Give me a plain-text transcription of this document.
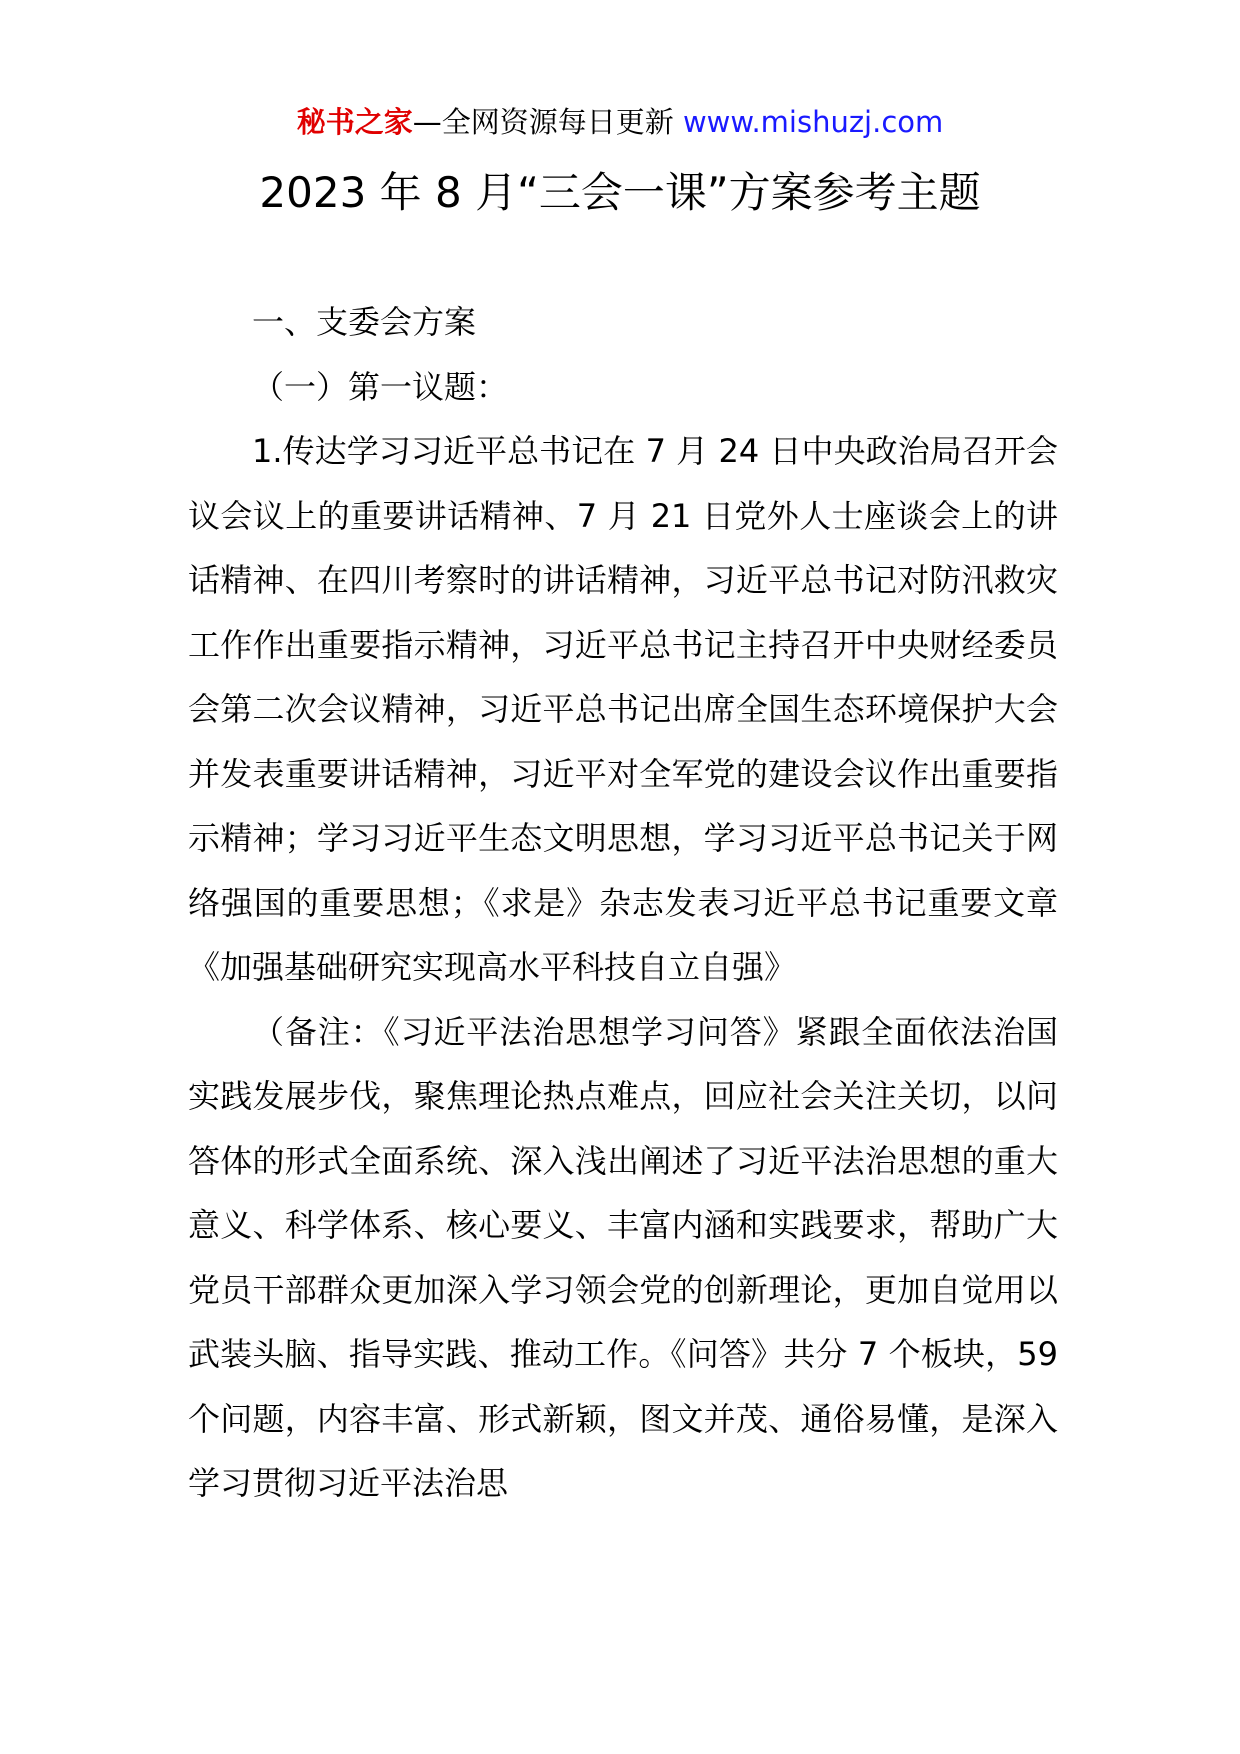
秘书之家—全网资源每日更新 www.mishuzj.com
2023 年 8 月“三会一课”方案参考主题

一、支委会方案

（一）第一议题：

1.传达学习习近平总书记在 7 月 24 日中央政治局召开会议会议上的重要讲话精神、7 月 21 日党外人士座谈会上的讲话精神、在四川考察时的讲话精神，习近平总书记对防汛救灾工作作出重要指示精神，习近平总书记主持召开中央财经委员会第二次会议精神，习近平总书记出席全国生态环境保护大会并发表重要讲话精神，习近平对全军党的建设会议作出重要指示精神；学习习近平生态文明思想，学习习近平总书记关于网络强国的重要思想；《求是》杂志发表习近平总书记重要文章《加强基础研究实现高水平科技自立自强》

（备注：《习近平法治思想学习问答》紧跟全面依法治国实践发展步伐，聚焦理论热点难点，回应社会关注关切，以问答体的形式全面系统、深入浅出阐述了习近平法治思想的重大意义、科学体系、核心要义、丰富内涵和实践要求，帮助广大党员干部群众更加深入学习领会党的创新理论，更加自觉用以武装头脑、指导实践、推动工作。《问答》共分 7 个板块，59 个问题，内容丰富、形式新颖，图文并茂、通俗易懂，是深入学习贯彻习近平法治思
